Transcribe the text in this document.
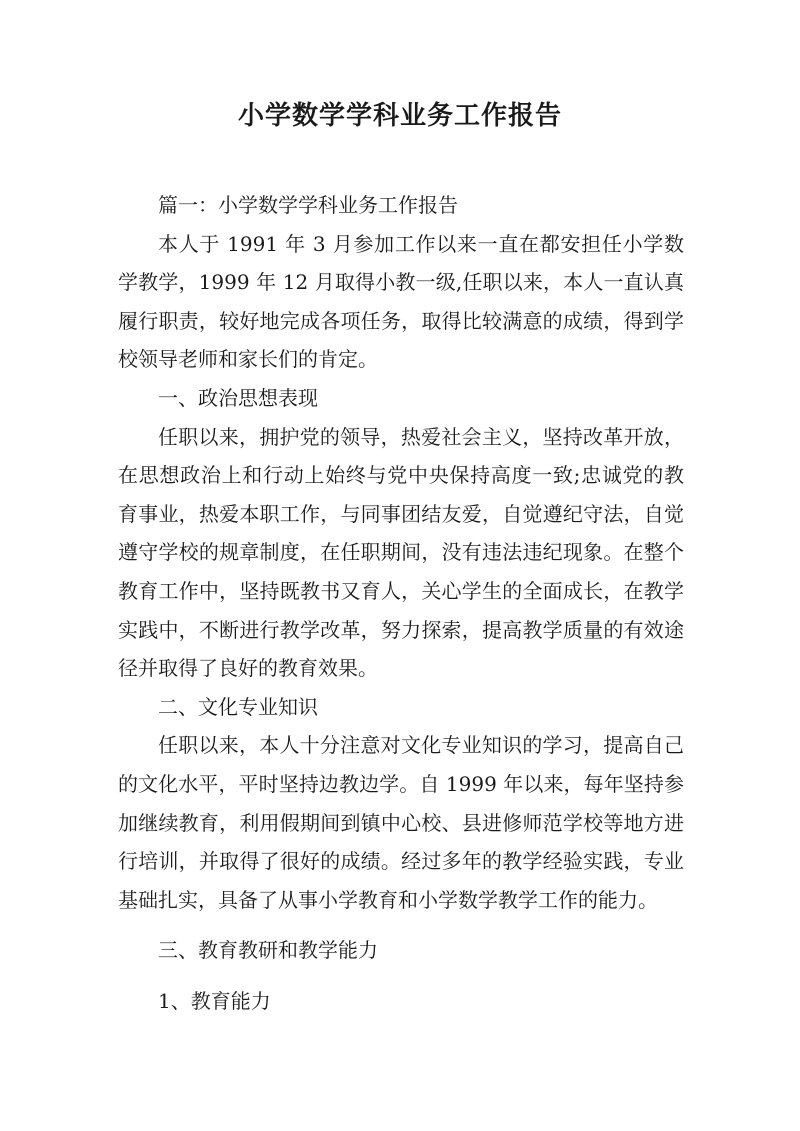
小学数学学科业务工作报告

篇一：小学数学学科业务工作报告

本人于 1991 年 3 月参加工作以来一直在都安担任小学数学教学，1999 年 12 月取得小教一级,任职以来，本人一直认真履行职责，较好地完成各项任务，取得比较满意的成绩，得到学校领导老师和家长们的肯定。

一、政治思想表现

任职以来，拥护党的领导，热爱社会主义，坚持改革开放，在思想政治上和行动上始终与党中央保持高度一致;忠诚党的教育事业，热爱本职工作，与同事团结友爱，自觉遵纪守法，自觉遵守学校的规章制度，在任职期间，没有违法违纪现象。在整个教育工作中，坚持既教书又育人，关心学生的全面成长，在教学实践中，不断进行教学改革，努力探索，提高教学质量的有效途径并取得了良好的教育效果。

二、文化专业知识

任职以来，本人十分注意对文化专业知识的学习，提高自己的文化水平，平时坚持边教边学。自 1999 年以来，每年坚持参加继续教育，利用假期间到镇中心校、县进修师范学校等地方进行培训，并取得了很好的成绩。经过多年的教学经验实践，专业基础扎实，具备了从事小学教育和小学数学教学工作的能力。

三、教育教研和教学能力

1、教育能力
